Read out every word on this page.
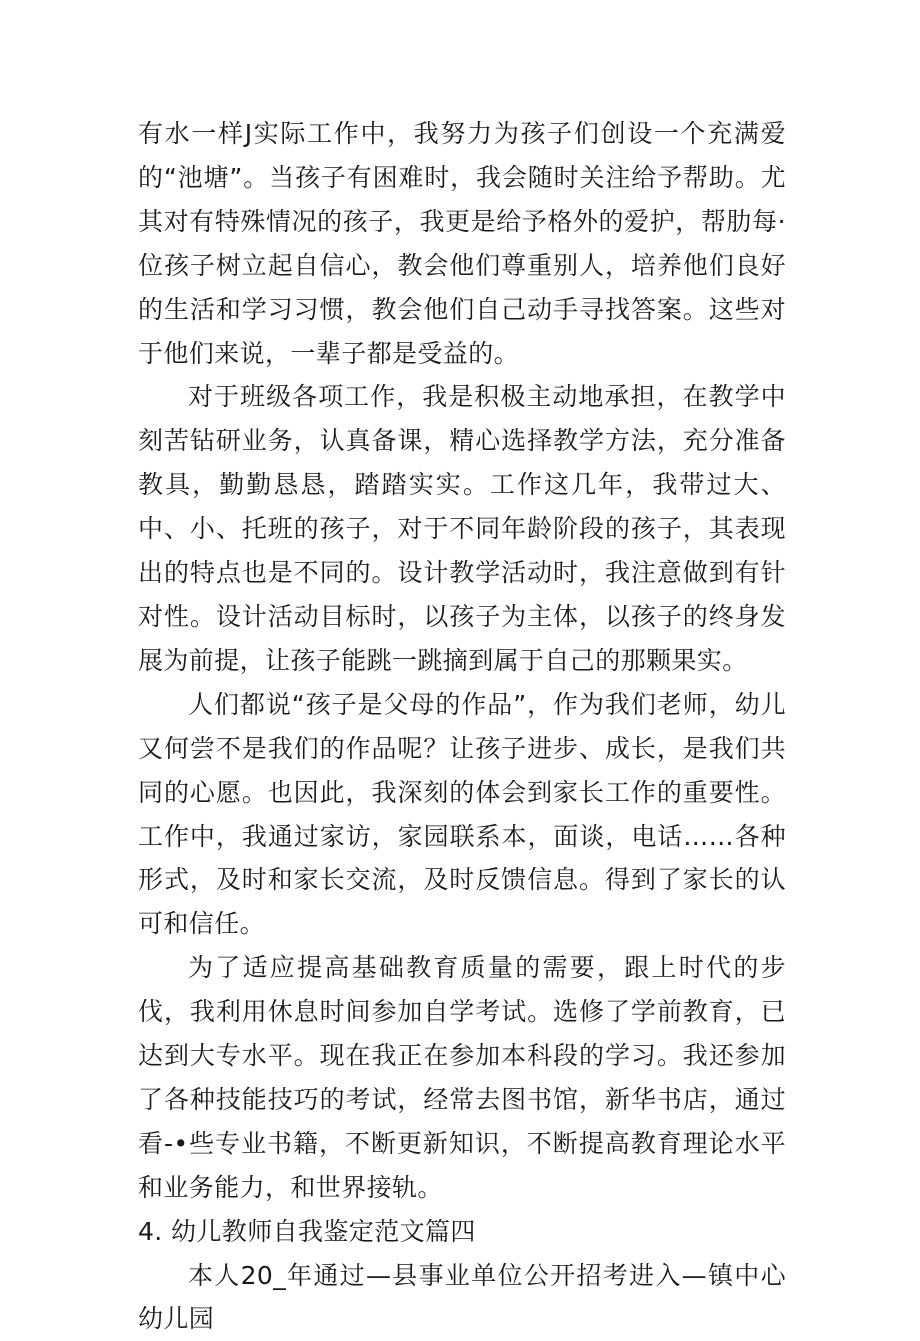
有水一样J实际工作中，我努力为孩子们创设一个充满爱的“池塘”。当孩子有困难时，我会随时关注给予帮助。尤其对有特殊情况的孩子，我更是给予格外的爱护，帮肋每·位孩子树立起自信心，教会他们尊重别人，培养他们良好的生活和学习习惯，教会他们自己动手寻找答案。这些对于他们来说，一辈子都是受益的。

对于班级各项工作，我是积极主动地承担，在教学中刻苦钻研业务，认真备课，精心选择教学方法，充分准备教具，勤勤恳恳，踏踏实实。工作这几年，我带过大、中、小、托班的孩子，对于不同年龄阶段的孩子，其表现出的特点也是不同的。设计教学活动时，我注意做到有针对性。设计活动目标时，以孩子为主体，以孩子的终身发展为前提，让孩子能跳一跳摘到属于自己的那颗果实。

人们都说“孩子是父母的作品”，作为我们老师，幼儿又何尝不是我们的作品呢？让孩子进步、成长，是我们共同的心愿。也因此，我深刻的体会到家长工作的重要性。工作中，我通过家访，家园联系本，面谈，电话……各种形式，及时和家长交流，及时反馈信息。得到了家长的认可和信任。

为了适应提高基础教育质量的需要，跟上时代的步伐，我利用休息时间参加自学考试。选修了学前教育，已达到大专水平。现在我正在参加本科段的学习。我还参加了各种技能技巧的考试，经常去图书馆，新华书店，通过看-•些专业书籍，不断更新知识，不断提高教育理论水平和业务能力，和世界接轨。

4. 幼儿教师自我鉴定范文篇四

本人20_年通过—县事业单位公开招考进入—镇中心幼儿园
